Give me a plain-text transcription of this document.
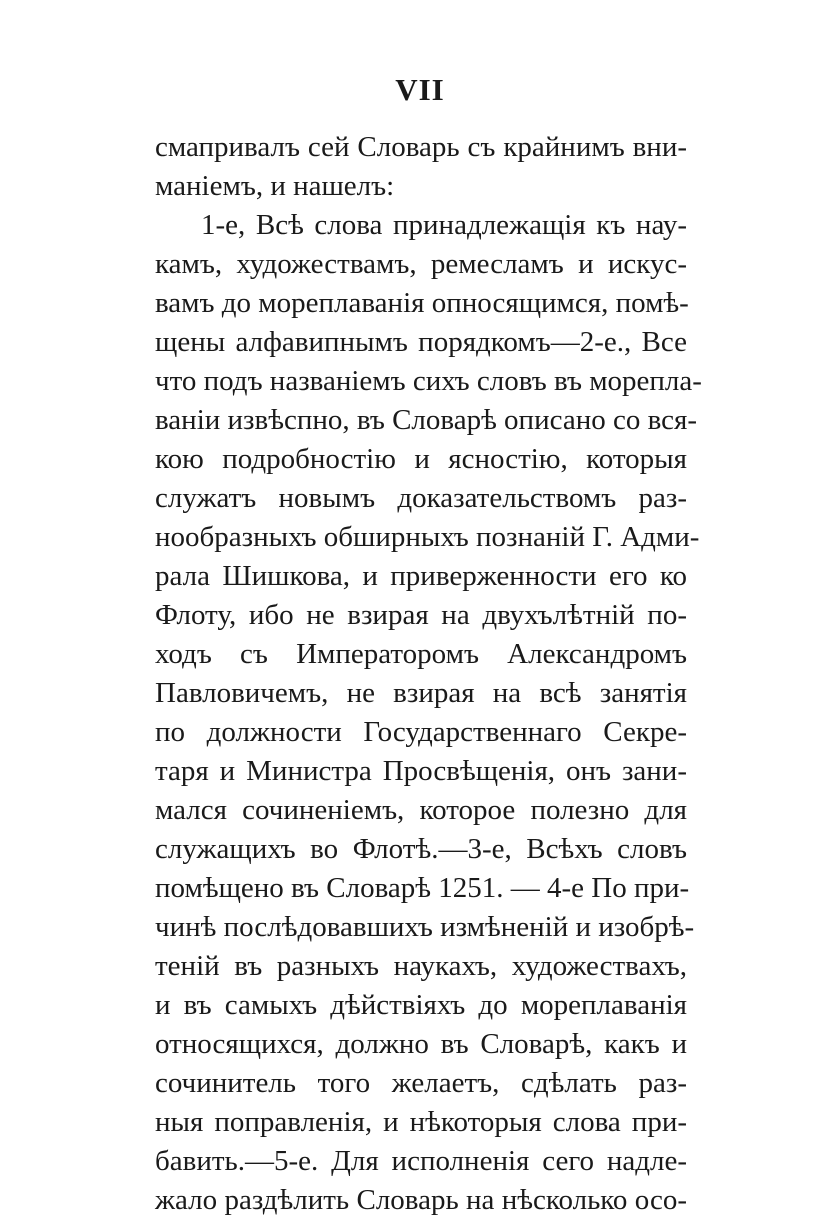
VII
смапривалъ сей Словарь съ крайнимъ вни-
маніемъ, и нашелъ:
1-е, Всѣ слова принадлежащія къ нау-
камъ, художествамъ, ремесламъ и искус-
вамъ до мореплаванія опносящимся, помѣ-
щены алфавипнымъ порядкомъ—2-е., Все
что подъ названіемъ сихъ словъ въ морепла-
ваніи извѣспно, въ Словарѣ описано со вся-
кою подробностію и ясностію, которыя
служатъ новымъ доказательствомъ раз-
нообразныхъ обширныхъ познаній Г. Адми-
рала Шишкова, и приверженности его ко
Флоту, ибо не взирая на двухълѣтній по-
ходъ съ Императоромъ Александромъ
Павловичемъ, не взирая на всѣ занятія
по должности Государственнаго Секре-
таря и Министра Просвѣщенія, онъ зани-
мался сочиненіемъ, которое полезно для
служащихъ во Флотѣ.—3-е, Всѣхъ словъ
помѣщено въ Словарѣ 1251. — 4-е По при-
чинѣ послѣдовавшихъ измѣненій и изобрѣ-
теній въ разныхъ наукахъ, художествахъ,
и въ самыхъ дѣйствіяхъ до мореплаванія
относящихся, должно въ Словарѣ, какъ и
сочинитель того желаетъ, сдѣлать раз-
ныя поправленія, и нѣкоторыя слова при-
бавить.—5-е. Для исполненія сего надле-
жало раздѣлить Словарь на нѣсколько осо-
